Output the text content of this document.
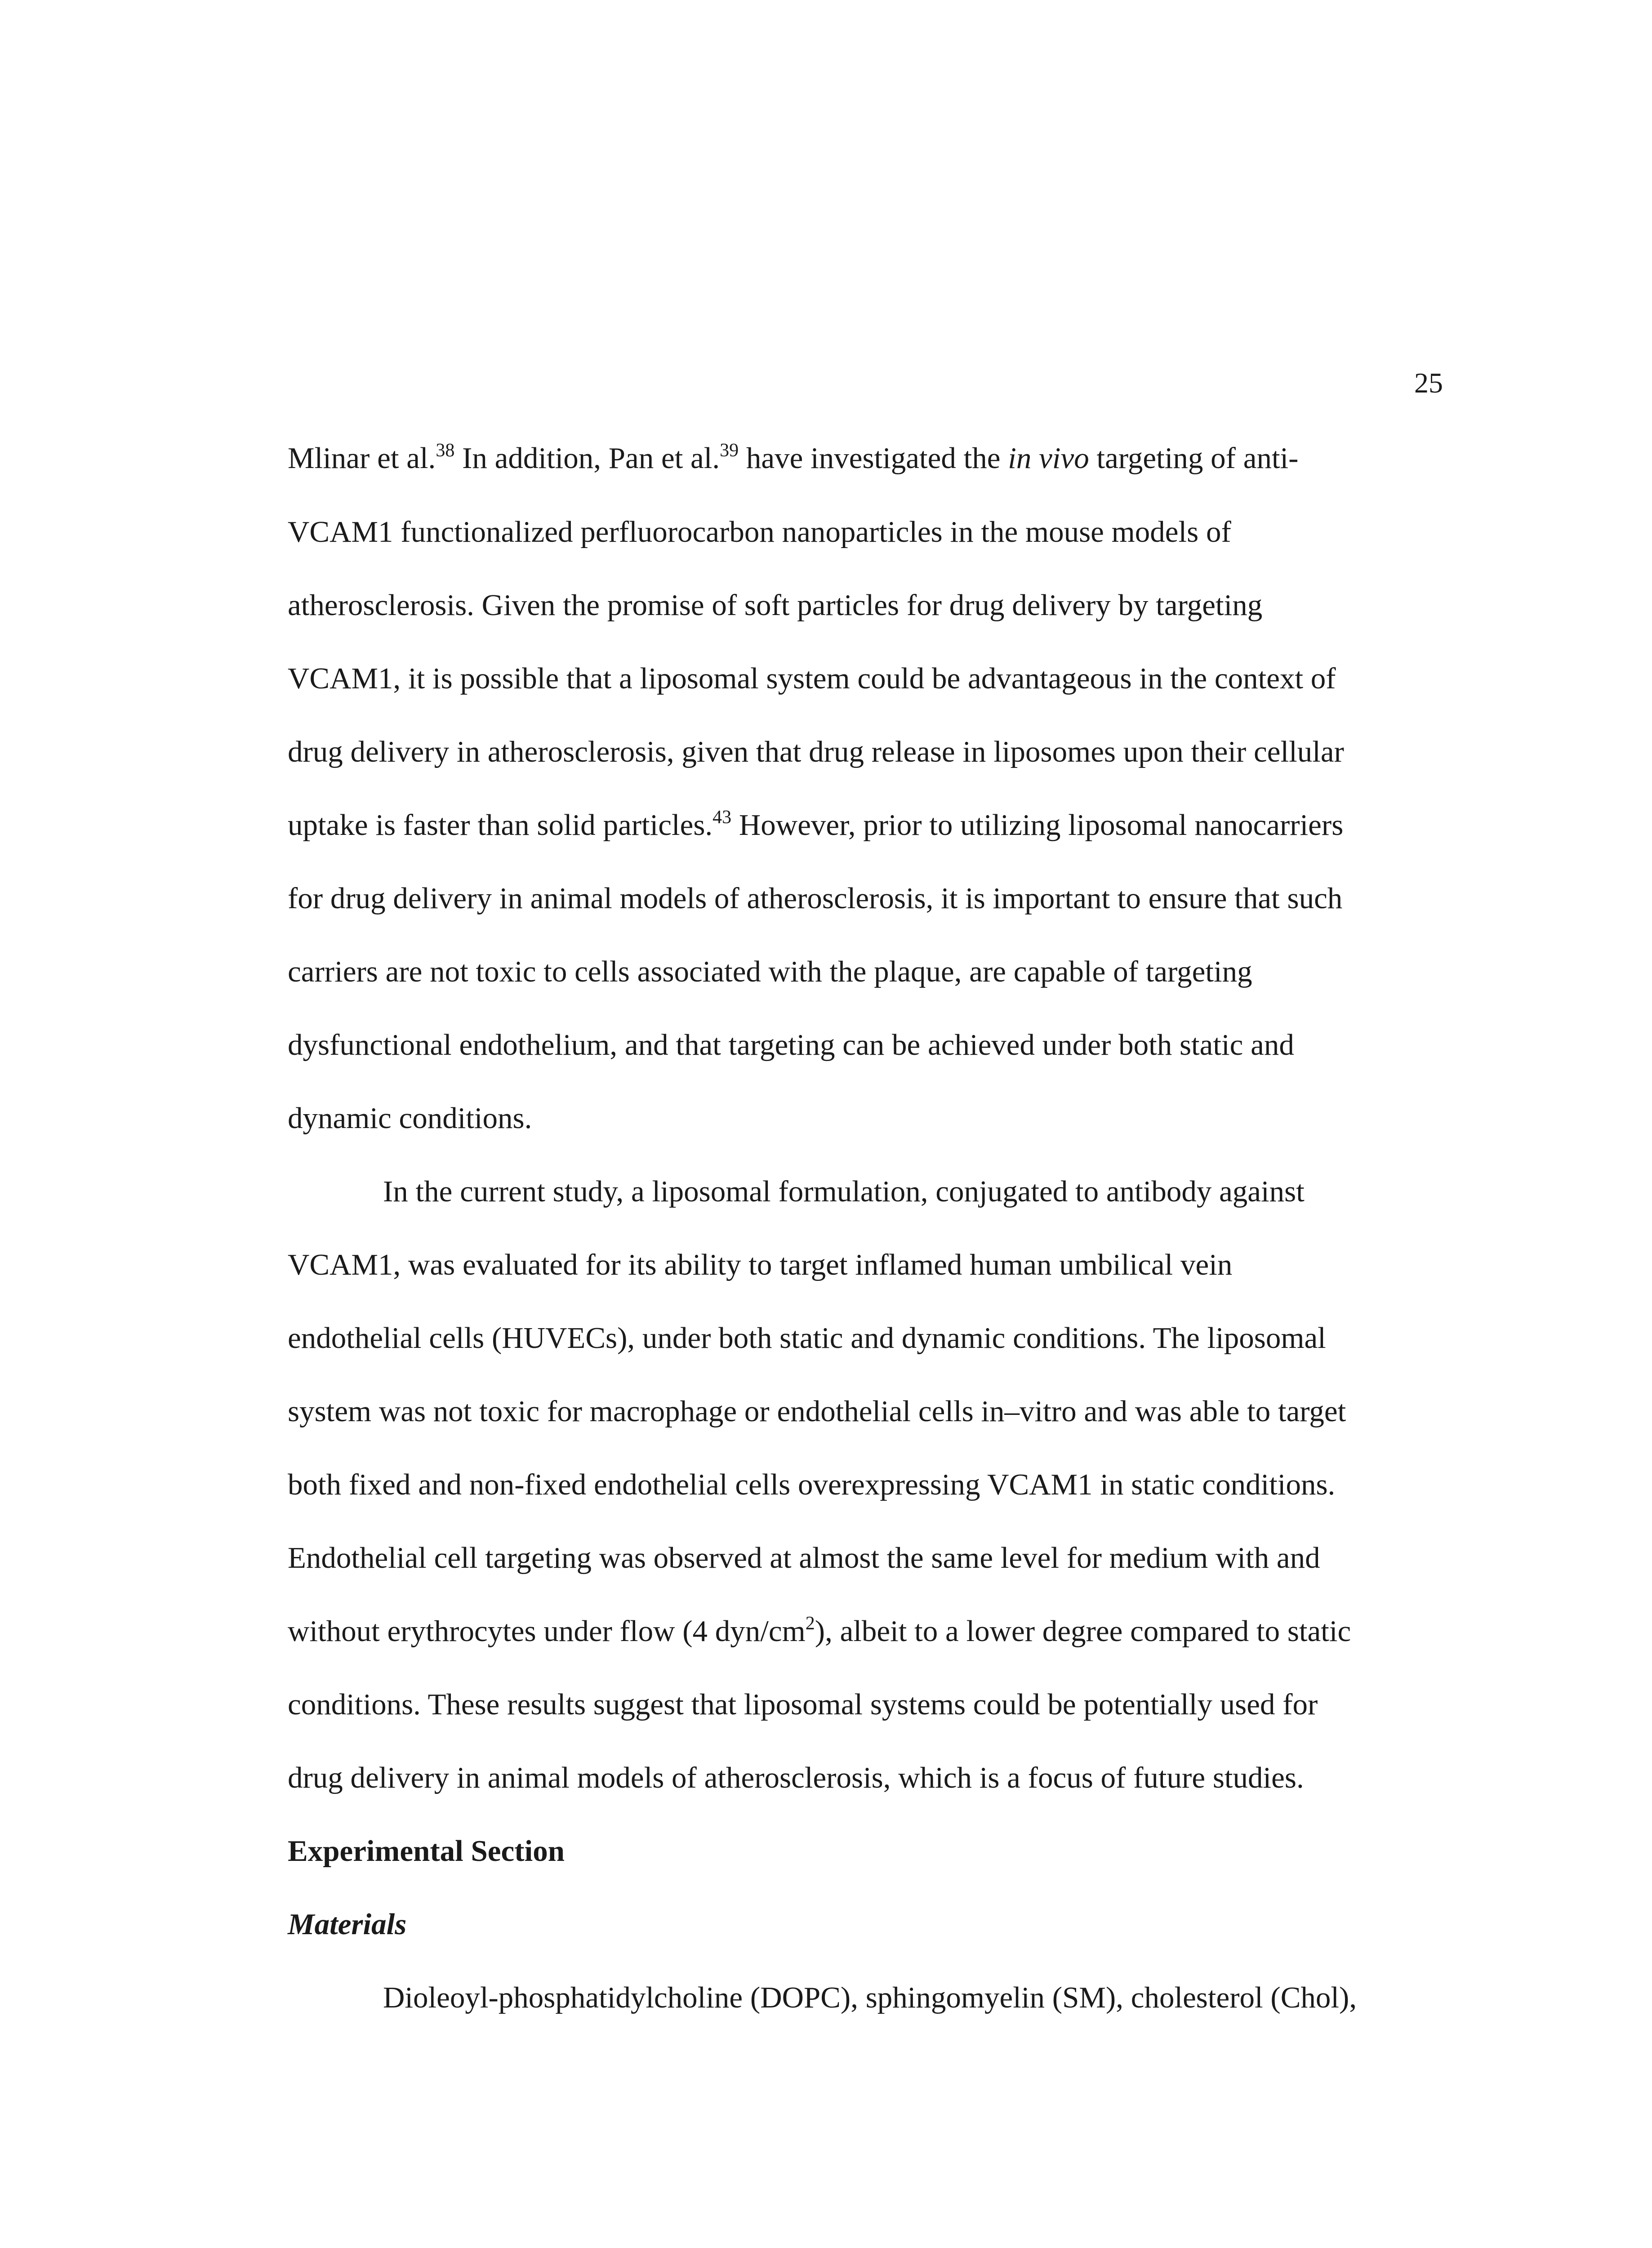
25
Mlinar et al.$^{38}$ In addition, Pan et al.$^{39}$ have investigated the in vivo targeting of anti-
VCAM1 functionalized perfluorocarbon nanoparticles in the mouse models of
atherosclerosis. Given the promise of soft particles for drug delivery by targeting
VCAM1, it is possible that a liposomal system could be advantageous in the context of
drug delivery in atherosclerosis, given that drug release in liposomes upon their cellular
uptake is faster than solid particles.$^{43}$ However, prior to utilizing liposomal nanocarriers
for drug delivery in animal models of atherosclerosis, it is important to ensure that such
carriers are not toxic to cells associated with the plaque, are capable of targeting
dysfunctional endothelium, and that targeting can be achieved under both static and
dynamic conditions.
In the current study, a liposomal formulation, conjugated to antibody against
VCAM1, was evaluated for its ability to target inflamed human umbilical vein
endothelial cells (HUVECs), under both static and dynamic conditions. The liposomal
system was not toxic for macrophage or endothelial cells in–vitro and was able to target
both fixed and non-fixed endothelial cells overexpressing VCAM1 in static conditions.
Endothelial cell targeting was observed at almost the same level for medium with and
without erythrocytes under flow (4 dyn/$cm^2$), albeit to a lower degree compared to static
conditions. These results suggest that liposomal systems could be potentially used for
drug delivery in animal models of atherosclerosis, which is a focus of future studies.
Experimental Section
Materials
Dioleoyl-phosphatidylcholine (DOPC), sphingomyelin (SM), cholesterol (Chol),
